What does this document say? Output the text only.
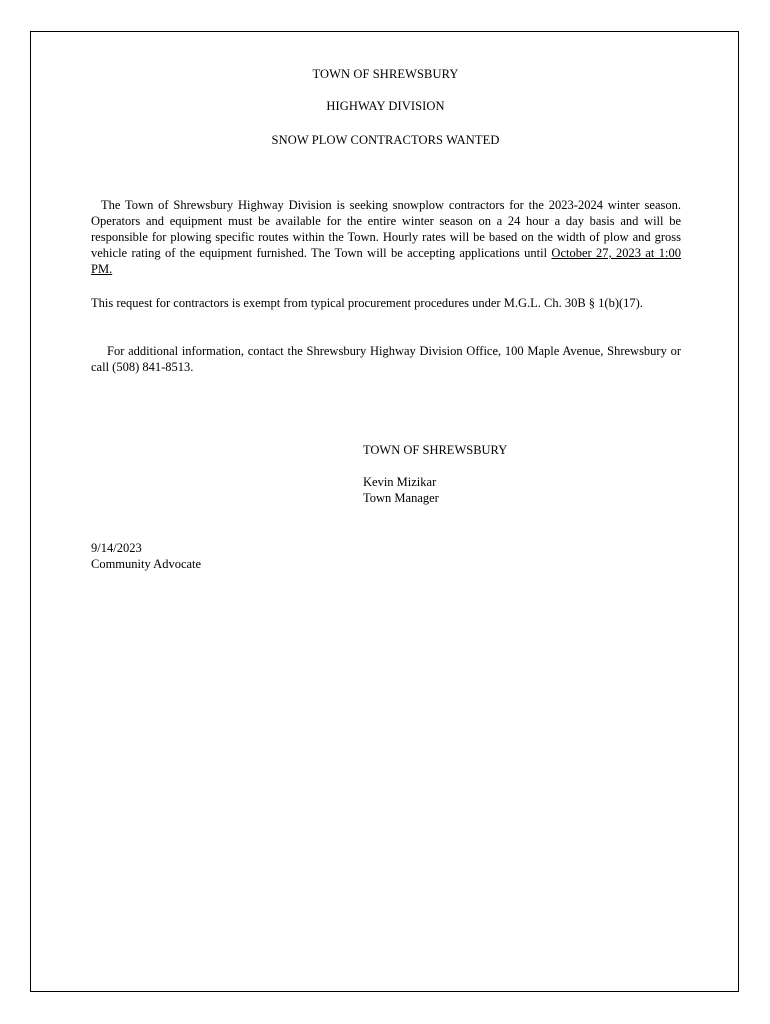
TOWN OF SHREWSBURY
HIGHWAY DIVISION
SNOW PLOW CONTRACTORS WANTED

The Town of Shrewsbury Highway Division is seeking snowplow contractors for the 2023-2024 winter season. Operators and equipment must be available for the entire winter season on a 24 hour a day basis and will be responsible for plowing specific routes within the Town. Hourly rates will be based on the width of plow and gross vehicle rating of the equipment furnished. The Town will be accepting applications until October 27, 2023 at 1:00 PM.

This request for contractors is exempt from typical procurement procedures under M.G.L. Ch. 30B § 1(b)(17).

For additional information, contact the Shrewsbury Highway Division Office, 100 Maple Avenue, Shrewsbury or call (508) 841-8513.

TOWN OF SHREWSBURY
Kevin Mizikar
Town Manager
9/14/2023
Community Advocate
